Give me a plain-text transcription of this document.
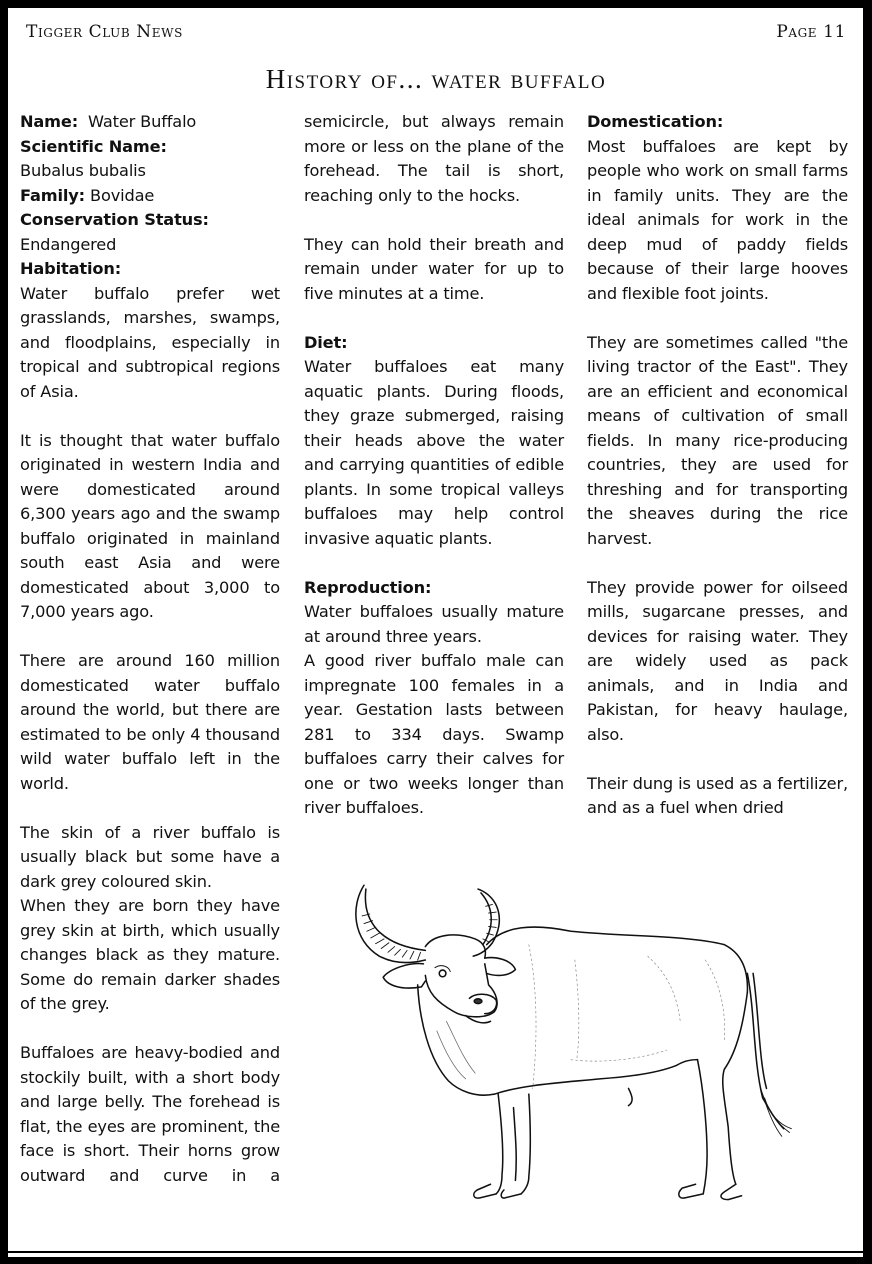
Tigger Club News	Page 11
History of... water buffalo

Name: Water Buffalo

Scientific Name:

Bubalus bubalis

Family: Bovidae

Conservation Status:

Endangered

Habitation:

Water buffalo prefer wet grasslands, marshes, swamps, and floodplains, especially in tropical and subtropical regions of Asia.

It is thought that water buffalo originated in western India and were domesticated around 6,300 years ago and the swamp buffalo originated in mainland south east Asia and were domesticated about 3,000 to 7,000 years ago.

There are around 160 million domesticated water buffalo around the world, but there are estimated to be only 4 thousand wild water buffalo left in the world.

The skin of a river buffalo is usually black but some have a dark grey coloured skin.

When they are born they have grey skin at birth, which usually changes black as they mature. Some do remain darker shades of the grey.

Buffaloes are heavy-bodied and stockily built, with a short body and large belly. The forehead is flat, the eyes are prominent, the face is short. Their horns grow outward and curve in a

semicircle, but always remain more or less on the plane of the forehead. The tail is short, reaching only to the hocks.

They can hold their breath and remain under water for up to five minutes at a time.

Diet:

Water buffaloes eat many aquatic plants. During floods, they graze submerged, raising their heads above the water and carrying quantities of edible plants. In some tropical valleys buffaloes may help control invasive aquatic plants.

Reproduction:

Water buffaloes usually mature at around three years.

A good river buffalo male can impregnate 100 females in a year. Gestation lasts between 281 to 334 days. Swamp buffaloes carry their calves for one or two weeks longer than river buffaloes.

Domestication:

Most buffaloes are kept by people who work on small farms in family units. They are the ideal animals for work in the deep mud of paddy fields because of their large hooves and flexible foot joints.

They are sometimes called "the living tractor of the East". They are an efficient and economical means of cultivation of small fields. In many rice-producing countries, they are used for threshing and for transporting the sheaves during the rice harvest.

They provide power for oilseed mills, sugarcane presses, and devices for raising water. They are widely used as pack animals, and in India and Pakistan, for heavy haulage, also.

Their dung is used as a fertilizer, and as a fuel when dried
